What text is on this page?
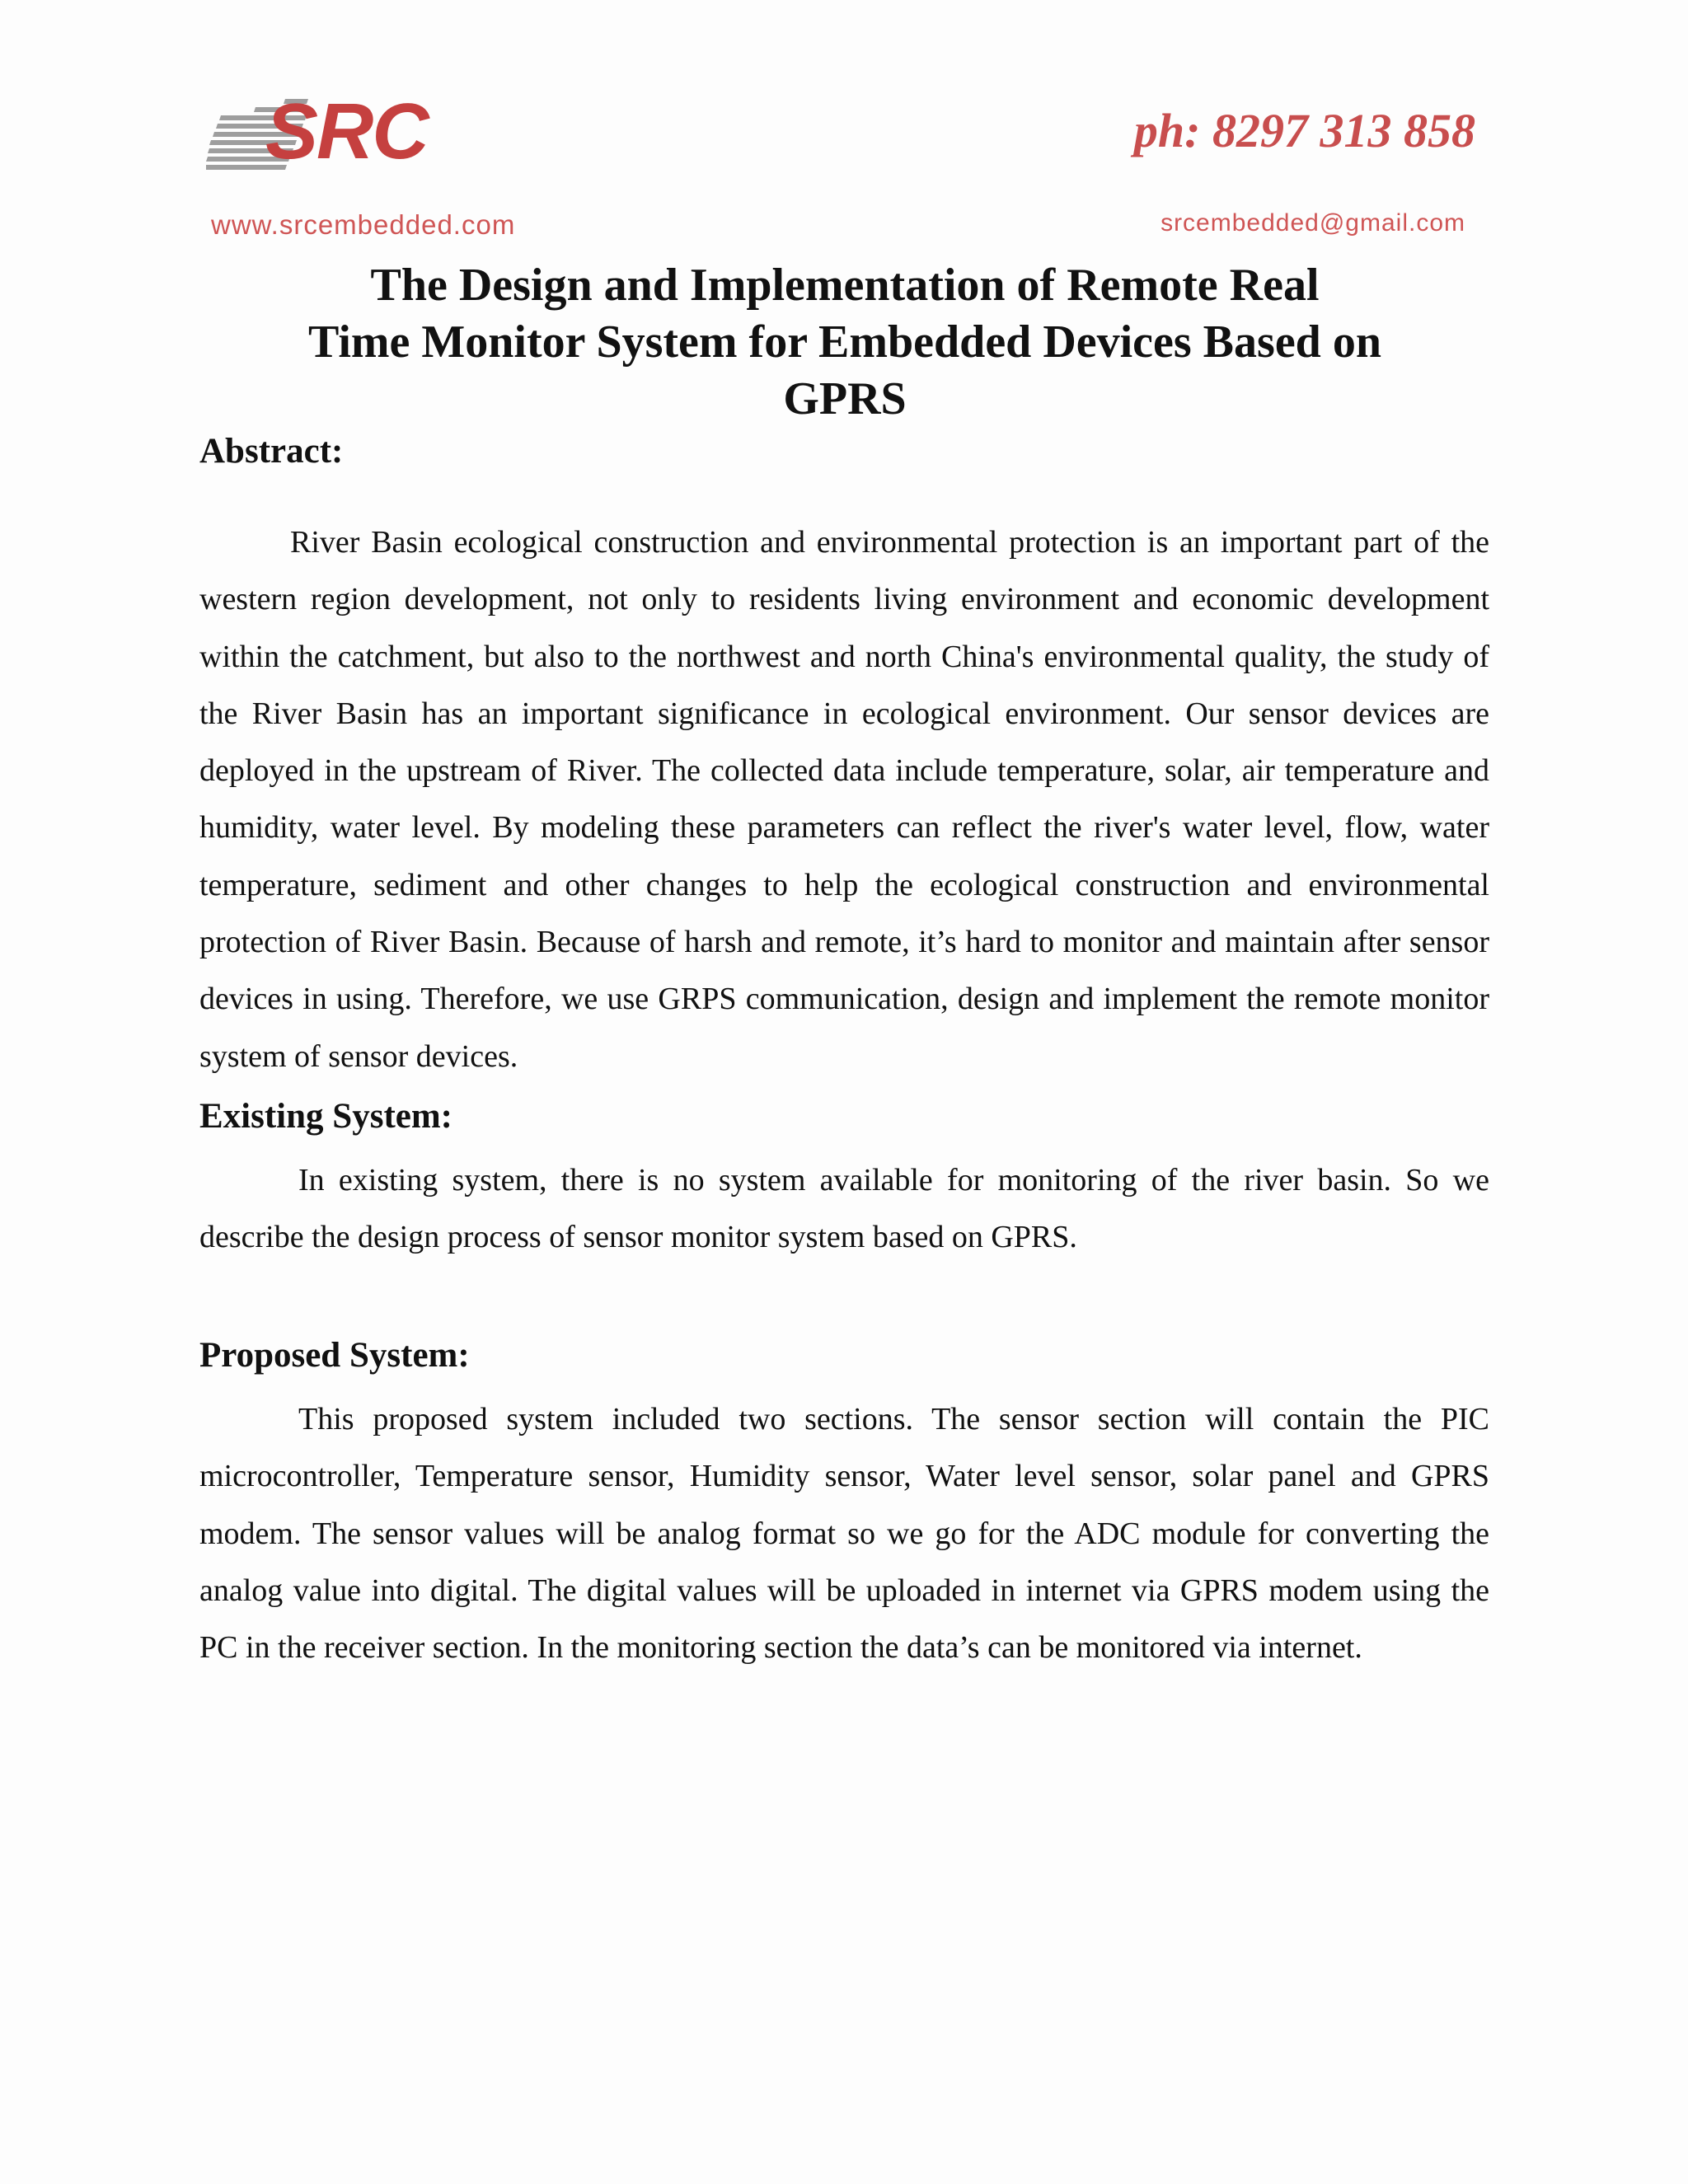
SRC	ph: 8297 313 858
www.srcembedded.com	srcembedded@gmail.com
The Design and Implementation of Remote Real
Time Monitor System for Embedded Devices Based on
GPRS
Abstract:

River Basin ecological construction and environmental protection is an important part of the western region development, not only to residents living environment and economic development within the catchment, but also to the northwest and north China's environmental quality, the study of the River Basin has an important significance in ecological environment. Our sensor devices are deployed in the upstream of River. The collected data include temperature, solar, air temperature and humidity, water level. By modeling these parameters can reflect the river's water level, flow, water temperature, sediment and other changes to help the ecological construction and environmental protection of River Basin. Because of harsh and remote, it’s hard to monitor and maintain after sensor devices in using. Therefore, we use GRPS communication, design and implement the remote monitor system of sensor devices.

Existing System:

In existing system, there is no system available for monitoring of the river basin. So we describe the design process of sensor monitor system based on GPRS.

Proposed System:

This proposed system included two sections. The sensor section will contain the PIC microcontroller, Temperature sensor, Humidity sensor, Water level sensor, solar panel and GPRS modem. The sensor values will be analog format so we go for the ADC module for converting the analog value into digital. The digital values will be uploaded in internet via GPRS modem using the PC in the receiver section. In the monitoring section the data’s can be monitored via internet.
